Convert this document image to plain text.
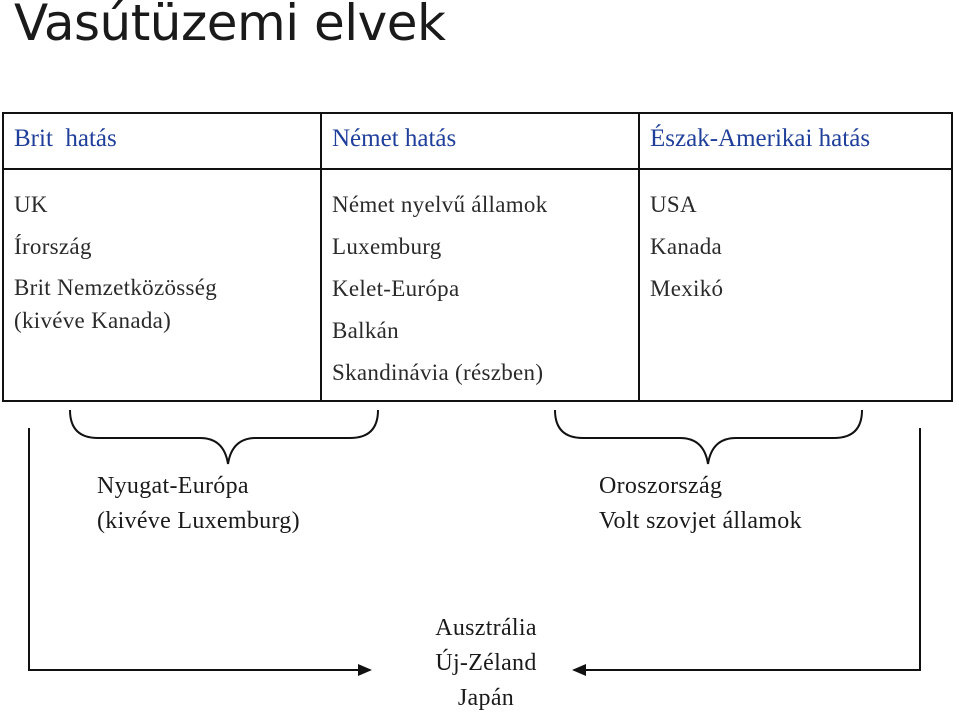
Vasútüzemi elvek
Brit  hatás	Német hatás	Észak-Amerikai hatás
UK
Írország
Brit Nemzetközösség
(kivéve Kanada)
Német nyelvű államok
Luxemburg
Kelet-Európa
Balkán
Skandinávia (részben)
USA
Kanada
Mexikó
Nyugat-Európa
(kivéve Luxemburg)
Oroszország
Volt szovjet államok
Ausztrália
Új-Zéland
Japán
